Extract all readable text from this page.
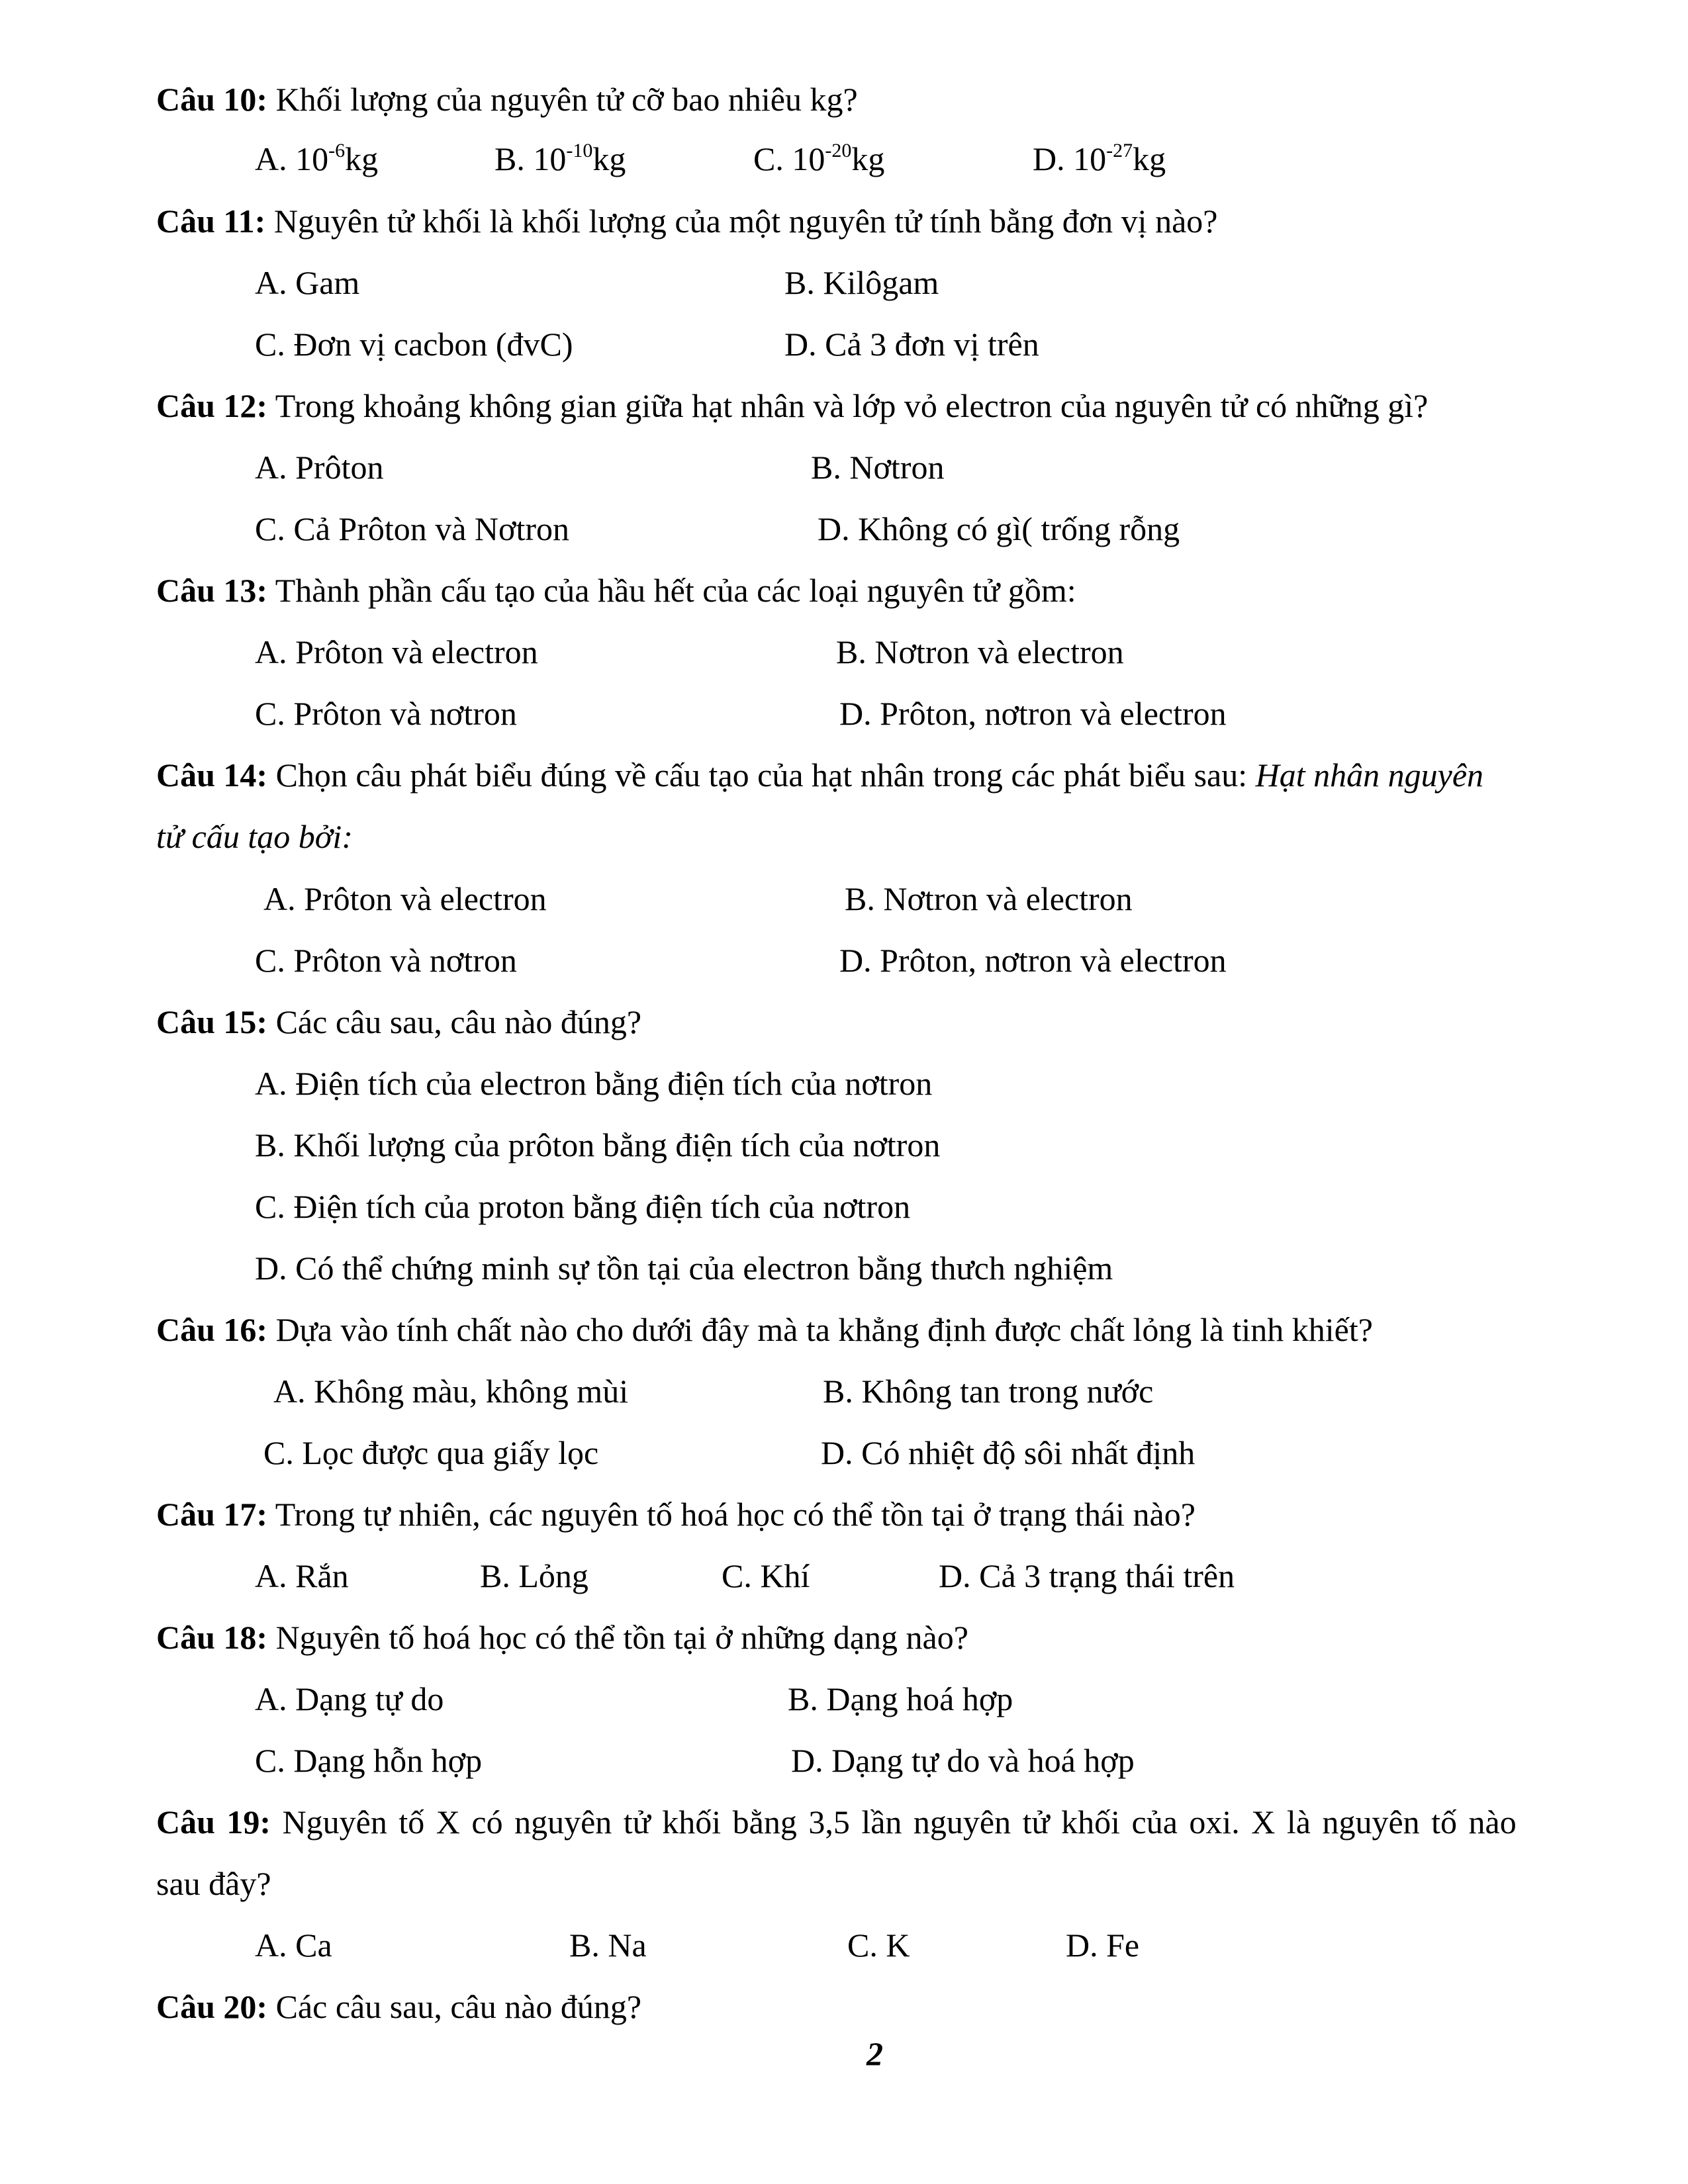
Câu 10: Khối lượng của nguyên tử cỡ bao nhiêu kg?
A. $10^{-6}kg$	B. $10^{-10}kg$	C. $10^{-20}kg$	D. $10^{-27}kg$
Câu 11: Nguyên tử khối là khối lượng của một nguyên tử tính bằng đơn vị nào?
A. Gam	B. Kilôgam
C. Đơn vị cacbon (đvC)	D. Cả 3 đơn vị trên
Câu 12: Trong khoảng không gian giữa hạt nhân và lớp vỏ electron của nguyên tử có những gì?
A. Prôton	B. Nơtron
C. Cả Prôton và Nơtron	D. Không có gì( trống rỗng
Câu 13: Thành phần cấu tạo của hầu hết của các loại nguyên tử gồm:
A. Prôton và electron	B. Nơtron và electron
C. Prôton và nơtron	D. Prôton, nơtron và electron
Câu 14: Chọn câu phát biểu đúng về cấu tạo của hạt nhân trong các phát biểu sau: Hạt nhân nguyên
tử cấu tạo bởi:
A. Prôton và electron	B. Nơtron và electron
C. Prôton và nơtron	D. Prôton, nơtron và electron
Câu 15: Các câu sau, câu nào đúng?
A. Điện tích của electron bằng điện tích của nơtron
B. Khối lượng của prôton bằng điện tích của nơtron
C. Điện tích của proton bằng điện tích của nơtron
D. Có thể chứng minh sự tồn tại của electron bằng thưch nghiệm
Câu 16: Dựa vào tính chất nào cho dưới đây mà ta khẳng định được chất lỏng là tinh khiết?
A. Không màu, không mùi	B. Không tan trong nước
C. Lọc được qua giấy lọc	D. Có nhiệt độ sôi nhất định
Câu 17: Trong tự nhiên, các nguyên tố hoá học có thể tồn tại ở trạng thái nào?
A. Rắn	B. Lỏng	C. Khí	D. Cả 3 trạng thái trên
Câu 18: Nguyên tố hoá học có thể tồn tại ở những dạng nào?
A. Dạng tự do	B. Dạng hoá hợp
C. Dạng hỗn hợp	D. Dạng tự do và hoá hợp
Câu 19: Nguyên tố X có nguyên tử khối bằng 3,5 lần nguyên tử khối của oxi. X là nguyên tố nào
sau đây?
A. Ca	B. Na	C. K	D. Fe
Câu 20: Các câu sau, câu nào đúng?
2
